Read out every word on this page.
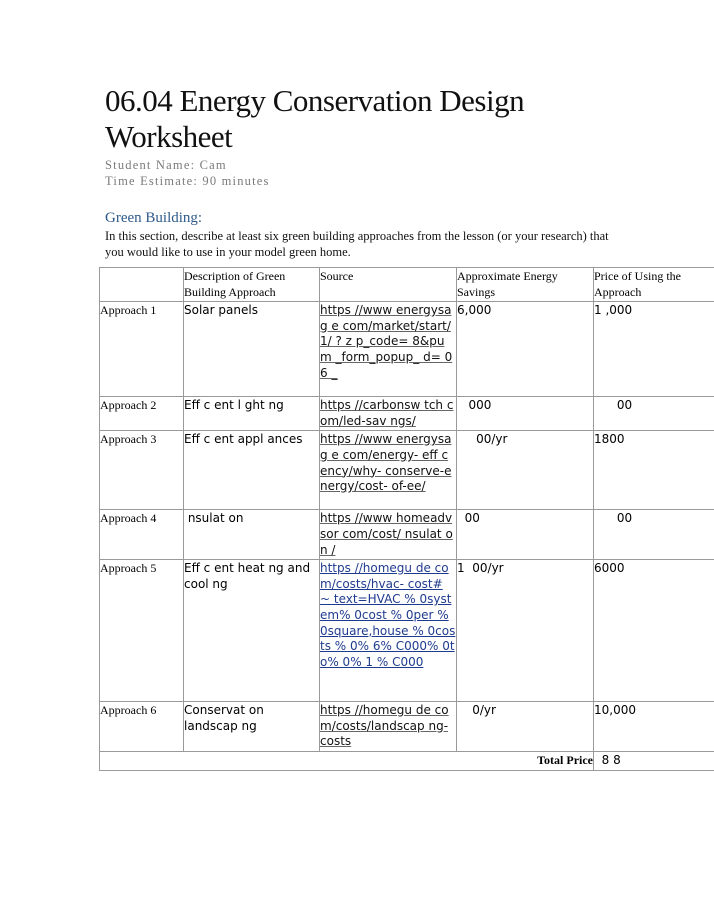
06.04 Energy Conservation Design Worksheet
Student Name: Cam
Time Estimate: 90 minutes
Green Building:
In this section, describe at least six green building approaches from the lesson (or your research) that you would like to use in your model green home.
	Description of Green Building Approach	Source	Approximate Energy Savings	Price of Using the Approach
Approach 1	Solar panels	https //www energysag e com/market/start/1/ ? z p_code= 8&pum _form_popup_ d= 0 6 _	6,000	1 ,000
Approach 2	Eff c ent l ght ng	https //carbonsw tch c om/led-sav ngs/	000	00
Approach 3	Eff c ent appl ances	https //www energysag e com/energy- eff c ency/why- conserve-energy/cost- of-ee/	00/yr	1800
Approach 4	nsulat on	https //www homeadv sor com/cost/ nsulat on /	00	00
Approach 5	Eff c ent heat ng and cool ng	https //homegu de co m/costs/hvac- cost# ~ text=HVAC % 0system% 0cost % 0per % 0square,house % 0costs % 0% 6% C000% 0t o% 0% 1 % C000	1  00/yr	6000
Approach 6	Conservat on landscap ng	https //homegu de co m/costs/landscap ng- costs	0/yr	10,000
Total Price				8 8
